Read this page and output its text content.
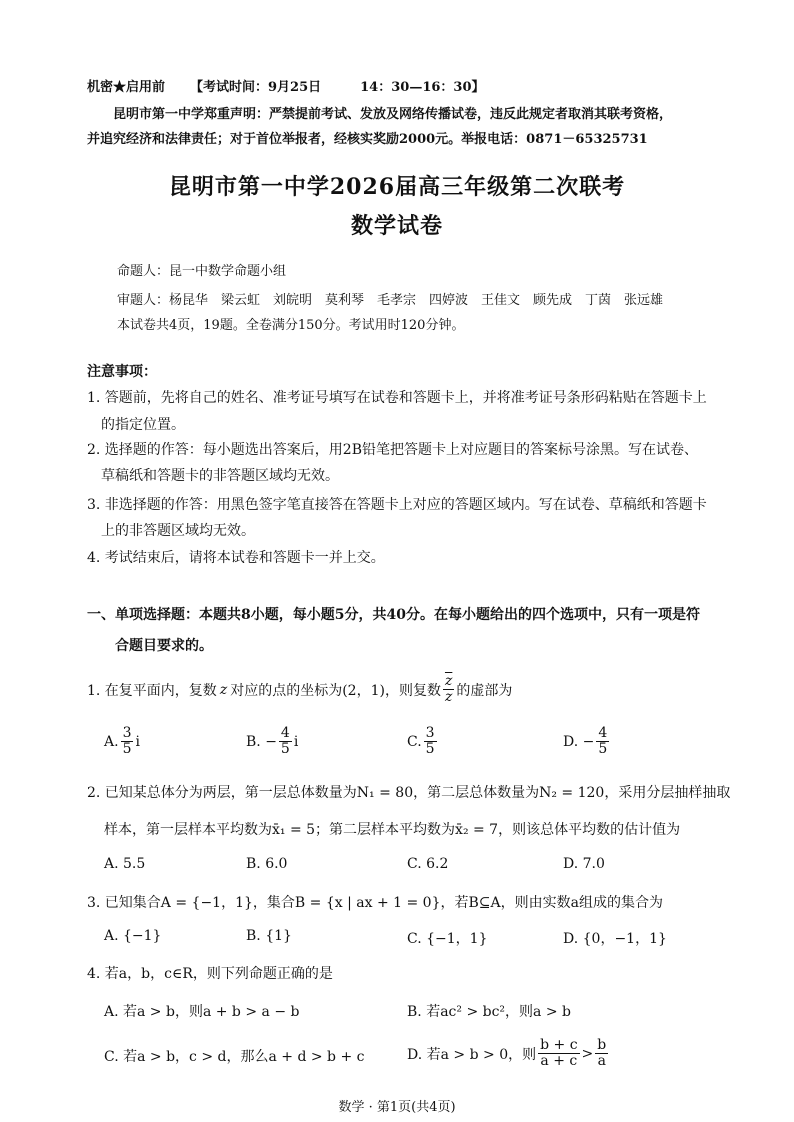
机密★启用前 【考试时间：9月25日　　　14：30—16：30】
昆明市第一中学郑重声明：严禁提前考试、发放及网络传播试卷，违反此规定者取消其联考资格，
并追究经济和法律责任；对于首位举报者，经核实奖励2000元。举报电话：0871－65325731
昆明市第一中学2026届高三年级第二次联考
数学试卷
命题人：昆一中数学命题小组
审题人：杨昆华　梁云虹　刘皖明　莫利琴　毛孝宗　四婷波　王佳文　顾先成　丁茵　张远雄
本试卷共4页，19题。全卷满分150分。考试用时120分钟。
注意事项：
1. 答题前，先将自己的姓名、准考证号填写在试卷和答题卡上，并将准考证号条形码粘贴在答题卡上
的指定位置。
2. 选择题的作答：每小题选出答案后，用2B铅笔把答题卡上对应题目的答案标号涂黑。写在试卷、
草稿纸和答题卡的非答题区域均无效。
3. 非选择题的作答：用黑色签字笔直接答在答题卡上对应的答题区域内。写在试卷、草稿纸和答题卡
上的非答题区域均无效。
4. 考试结束后，请将本试卷和答题卡一并上交。
一、单项选择题：本题共8小题，每小题5分，共40分。在每小题给出的四个选项中，只有一项是符
合题目要求的。
1. 在复平面内，复数 z 对应的点的坐标为(2，1)，则复数 $\frac{\overline{z}}{z}$ 的虚部为
A. $\frac{3}{5}$ i	B. − $\frac{4}{5}$ i	C. $\frac{3}{5}$	D. − $\frac{4}{5}$
2. 已知某总体分为两层，第一层总体数量为N₁ = 80，第二层总体数量为N₂ = 120，采用分层抽样抽取
样本，第一层样本平均数为x̄₁ = 5；第二层样本平均数为x̄₂ = 7，则该总体平均数的估计值为
A. 5.5	B. 6.0	C. 6.2	D. 7.0
3. 已知集合A = {−1，1}，集合B = {x | ax + 1 = 0}，若B⊆A，则由实数a组成的集合为
A. {−1}	B. {1}	C. {−1，1}	D. {0，−1，1}
4. 若a，b，c∈R，则下列命题正确的是
A. 若a > b，则a + b > a − b	B. 若ac² > bc²，则a > b
C. 若a > b，c > d，那么a + d > b + c	D. 若a > b > 0，则 $\frac{b + c}{a + c} > \frac{b}{a}$
数学 · 第1页(共4页)
